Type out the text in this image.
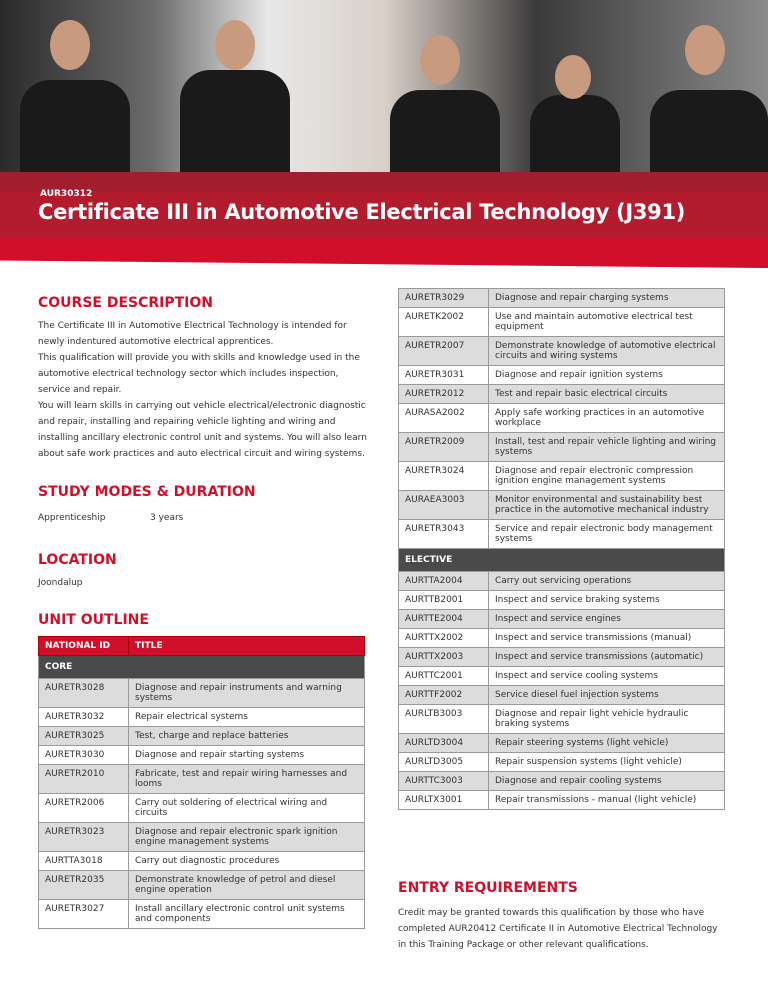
AUR30312
Certificate III in Automotive Electrical Technology (J391)
COURSE DESCRIPTION
The Certificate III in Automotive Electrical Technology is intended for newly indentured automotive electrical apprentices.
This qualification will provide you with skills and knowledge used in the automotive electrical technology sector which includes inspection, service and repair.
You will learn skills in carrying out vehicle electrical/electronic diagnostic and repair, installing and repairing vehicle lighting and wiring and installing ancillary electronic control unit and systems. You will also learn about safe work practices and auto electrical circuit and wiring systems.
STUDY MODES & DURATION
Apprenticeship	3 years
LOCATION
Joondalup
UNIT OUTLINE
NATIONAL ID	TITLE
CORE	
AURETR3028	Diagnose and repair instruments and warning systems
AURETR3032	Repair electrical systems
AURETR3025	Test, charge and replace batteries
AURETR3030	Diagnose and repair starting systems
AURETR2010	Fabricate, test and repair wiring harnesses and looms
AURETR2006	Carry out soldering of electrical wiring and circuits
AURETR3023	Diagnose and repair electronic spark ignition engine management systems
AURTTA3018	Carry out diagnostic procedures
AURETR2035	Demonstrate knowledge of petrol and diesel engine operation
AURETR3027	Install ancillary electronic control unit systems and components
AURETR3029	Diagnose and repair charging systems
AURETK2002	Use and maintain automotive electrical test equipment
AURETR2007	Demonstrate knowledge of automotive electrical circuits and wiring systems
AURETR3031	Diagnose and repair ignition systems
AURETR2012	Test and repair basic electrical circuits
AURASA2002	Apply safe working practices in an automotive workplace
AURETR2009	Install, test and repair vehicle lighting and wiring systems
AURETR3024	Diagnose and repair electronic compression ignition engine management systems
AURAEA3003	Monitor environmental and sustainability best practice in the automotive mechanical industry
AURETR3043	Service and repair electronic body management systems
ELECTIVE	
AURTTA2004	Carry out servicing operations
AURTTB2001	Inspect and service braking systems
AURTTE2004	Inspect and service engines
AURTTX2002	Inspect and service transmissions (manual)
AURTTX2003	Inspect and service transmissions (automatic)
AURTTC2001	Inspect and service cooling systems
AURTTF2002	Service diesel fuel injection systems
AURLTB3003	Diagnose and repair light vehicle hydraulic braking systems
AURLTD3004	Repair steering systems (light vehicle)
AURLTD3005	Repair suspension systems (light vehicle)
AURTTC3003	Diagnose and repair cooling systems
AURLTX3001	Repair transmissions - manual (light vehicle)
ENTRY REQUIREMENTS
Credit may be granted towards this qualification by those who have completed AUR20412 Certificate II in Automotive Electrical Technology in this Training Package or other relevant qualifications.
